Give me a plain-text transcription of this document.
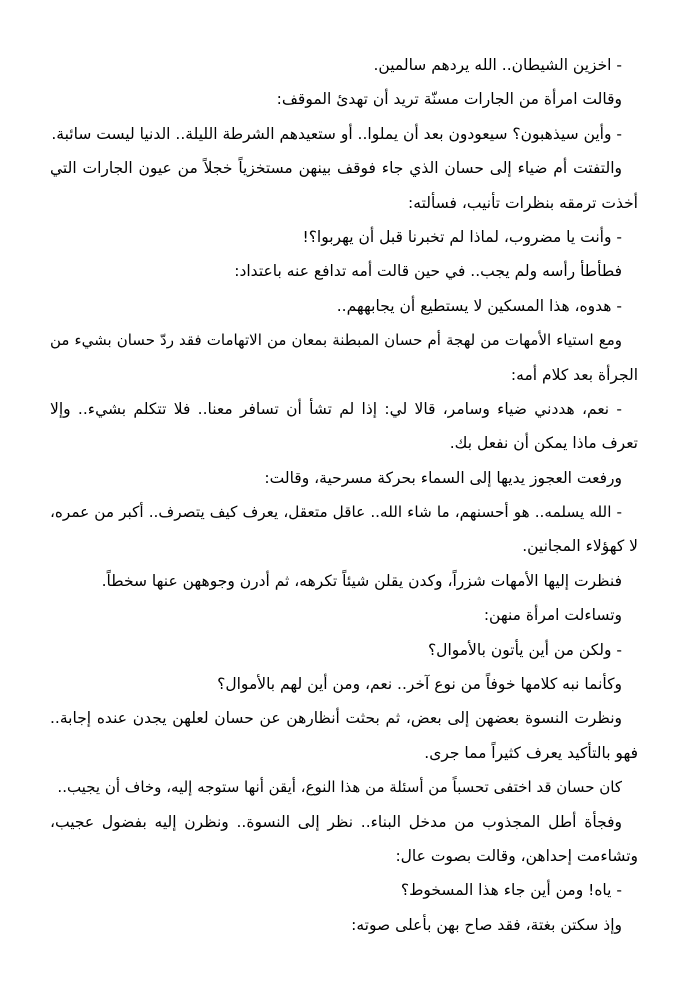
- اخزين الشيطان.. الله يردهم سالمين.
وقالت امرأة من الجارات مسنّة تريد أن تهدئ الموقف:
- وأين سيذهبون؟ سيعودون بعد أن يملوا.. أو ستعيدهم الشرطة الليلة.. الدنيا ليست سائبة.
والتفتت أم ضياء إلى حسان الذي جاء فوقف بينهن مستخزياً خجلاً من عيون الجارات التي
أخذت ترمقه بنظرات تأنيب، فسألته:
- وأنت يا مضروب، لماذا لم تخبرنا قبل أن يهربوا؟!
فطأطأ رأسه ولم يجب.. في حين قالت أمه تدافع عنه باعتداد:
- هدوه، هذا المسكين لا يستطيع أن يجابههم..
ومع استياء الأمهات من لهجة أم حسان المبطنة بمعان من الاتهامات فقد ردّ حسان بشيء من
الجرأة بعد كلام أمه:
- نعم، هددني ضياء وسامر، قالا لي: إذا لم تشأ أن تسافر معنا.. فلا تتكلم بشيء.. وإلا
تعرف ماذا يمكن أن نفعل بك.
ورفعت العجوز يديها إلى السماء بحركة مسرحية، وقالت:
- الله يسلمه.. هو أحسنهم، ما شاء الله.. عاقل متعقل، يعرف كيف يتصرف.. أكبر من عمره،
لا كهؤلاء المجانين.
فنظرت إليها الأمهات شزراً، وكدن يقلن شيئاً تكرهه، ثم أدرن وجوههن عنها سخطاً.
وتساءلت امرأة منهن:
- ولكن من أين يأتون بالأموال؟
وكأنما نبه كلامها خوفاً من نوع آخر.. نعم، ومن أين لهم بالأموال؟
ونظرت النسوة بعضهن إلى بعض، ثم بحثت أنظارهن عن حسان لعلهن يجدن عنده إجابة..
فهو بالتأكيد يعرف كثيراً مما جرى.
كان حسان قد اختفى تحسباً من أسئلة من هذا النوع، أيقن أنها ستوجه إليه، وخاف أن يجيب..
وفجأة أطل المجذوب من مدخل البناء.. نظر إلى النسوة.. ونظرن إليه بفضول عجيب،
وتشاءمت إحداهن، وقالت بصوت عال:
- ياه! ومن أين جاء هذا المسخوط؟
وإذ سكتن بغتة، فقد صاح بهن بأعلى صوته:
